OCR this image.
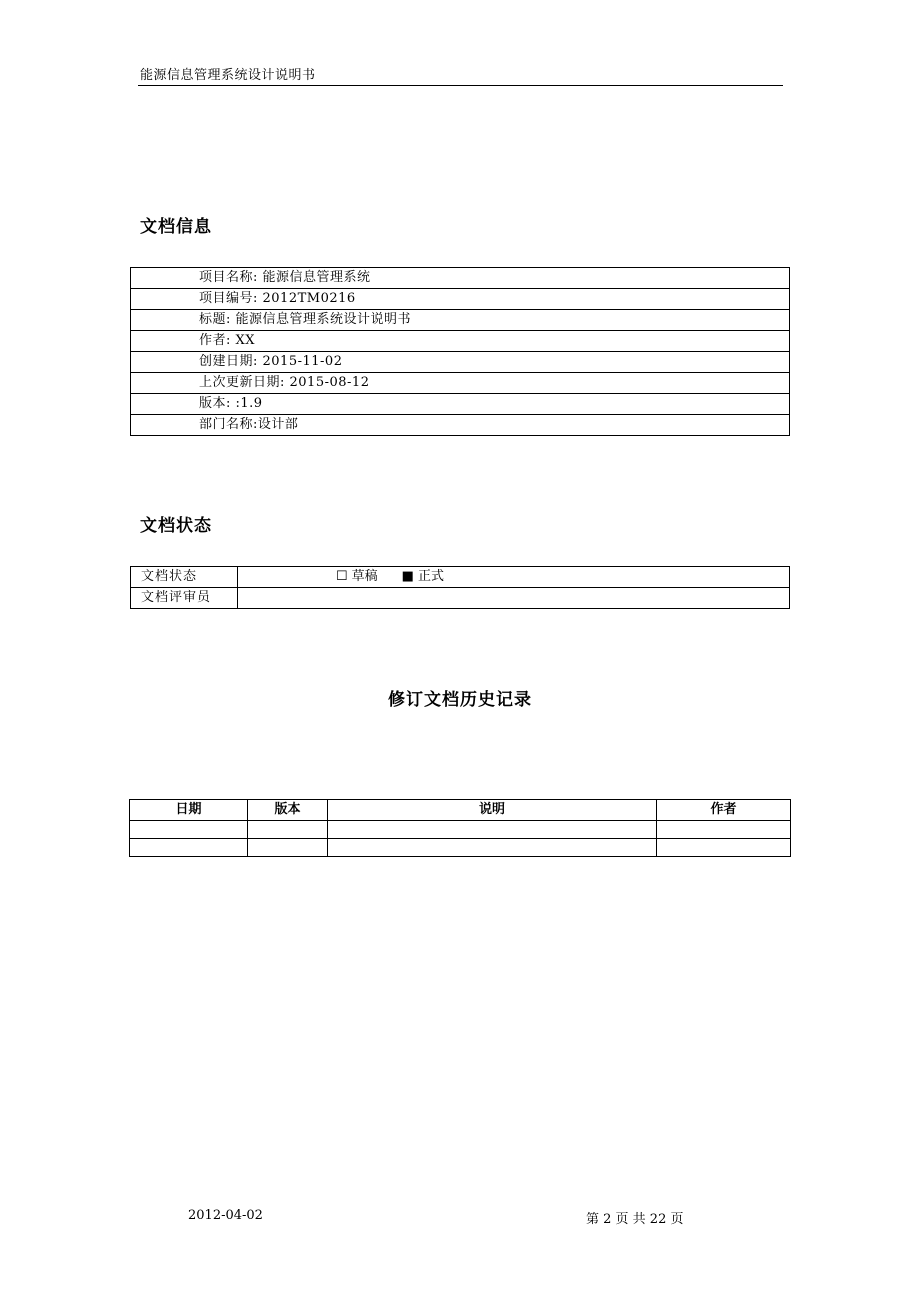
能源信息管理系统设计说明书
文档信息
项目名称: 能源信息管理系统
项目编号: 2012TM0216
标题: 能源信息管理系统设计说明书
作者: XX
创建日期: 2015-11-02
上次更新日期: 2015-08-12
版本: :1.9
部门名称:设计部
文档状态
文档状态	☐ 草稿 ■ 正式
文档评审员	
修订文档历史记录
日期	版本	说明	作者

2012-04-02	第 2 页 共 22 页
